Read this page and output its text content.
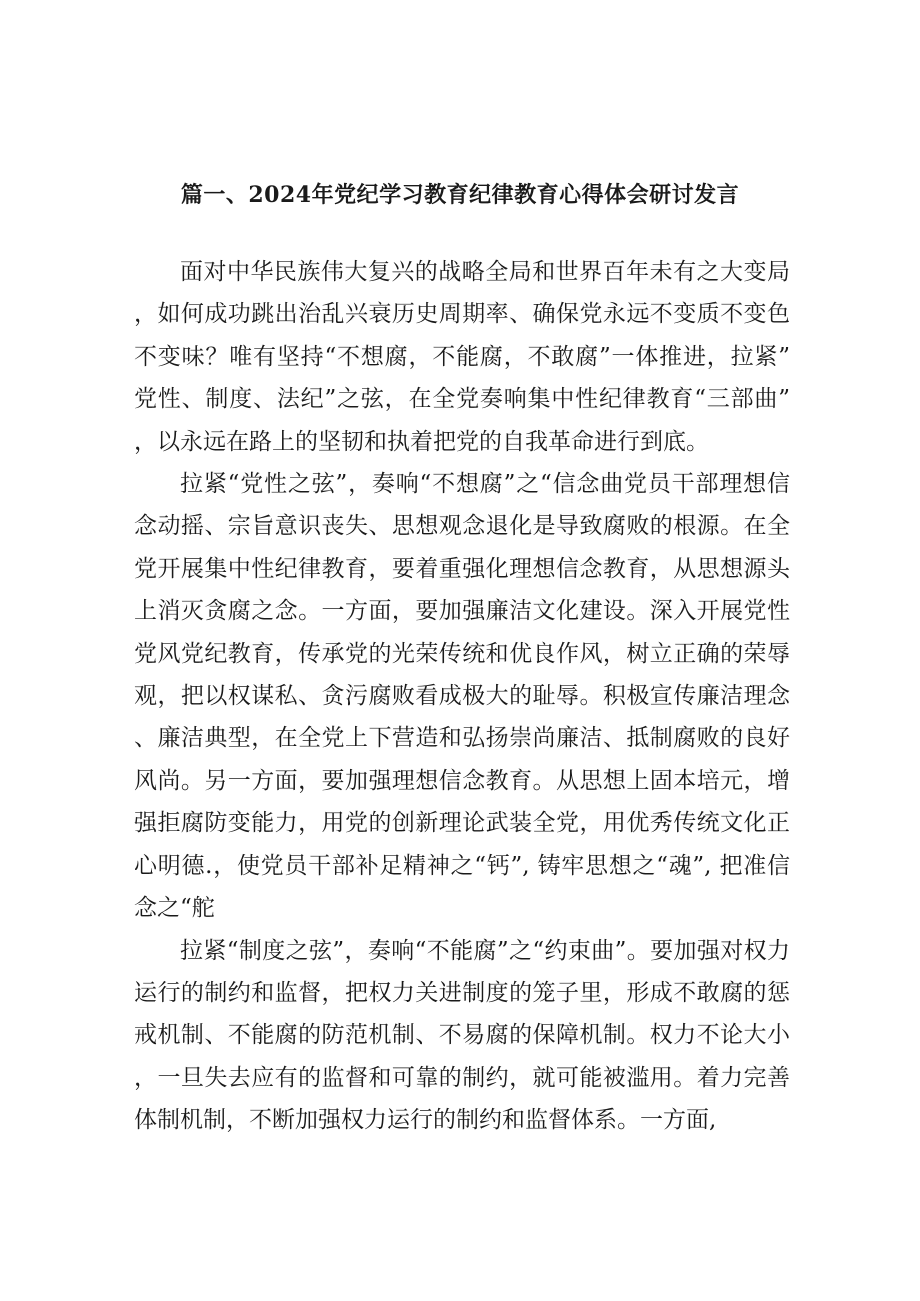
篇一、2024年党纪学习教育纪律教育心得体会研讨发言

面对中华民族伟大复兴的战略全局和世界百年未有之大变局，如何成功跳出治乱兴衰历史周期率、确保党永远不变质不变色不变味？唯有坚持“不想腐，不能腐，不敢腐”一体推进，拉紧”党性、制度、法纪”之弦，在全党奏响集中性纪律教育“三部曲”，以永远在路上的坚韧和执着把党的自我革命进行到底。

拉紧“党性之弦”，奏响“不想腐”之“信念曲党员干部理想信念动摇、宗旨意识丧失、思想观念退化是导致腐败的根源。在全党开展集中性纪律教育，要着重强化理想信念教育，从思想源头上消灭贪腐之念。一方面，要加强廉洁文化建设。深入开展党性党风党纪教育，传承党的光荣传统和优良作风，树立正确的荣辱观，把以权谋私、贪污腐败看成极大的耻辱。积极宣传廉洁理念、廉洁典型，在全党上下营造和弘扬崇尚廉洁、抵制腐败的良好风尚。另一方面，要加强理想信念教育。从思想上固本培元，增强拒腐防变能力，用党的创新理论武装全党，用优秀传统文化正心明德.，使党员干部补足精神之“钙”, 铸牢思想之“魂”, 把准信念之“舵

拉紧“制度之弦”，奏响“不能腐”之“约束曲”。要加强对权力运行的制约和监督，把权力关进制度的笼子里，形成不敢腐的惩戒机制、不能腐的防范机制、不易腐的保障机制。权力不论大小，一旦失去应有的监督和可靠的制约，就可能被滥用。着力完善体制机制，不断加强权力运行的制约和监督体系。一方面,
